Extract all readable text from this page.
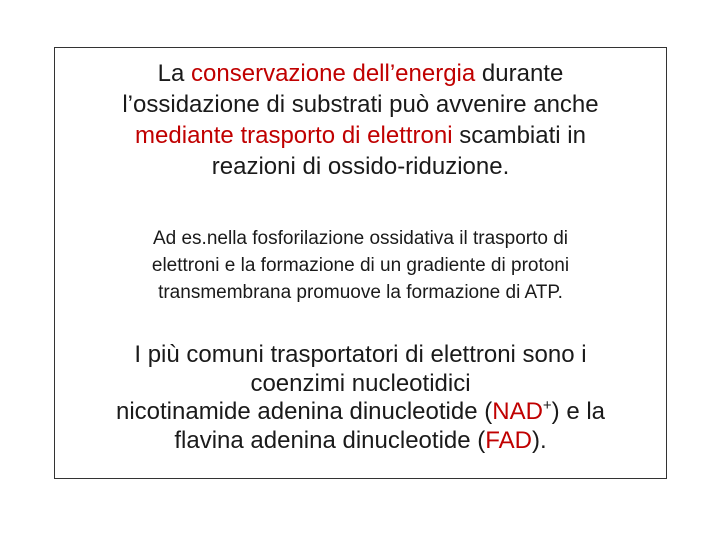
La conservazione dell’energia durante
l’ossidazione di substrati può avvenire anche
mediante trasporto di elettroni scambiati in
reazioni di ossido-riduzione.

Ad es.nella fosforilazione ossidativa il trasporto di
elettroni e la formazione di un gradiente di protoni
transmembrana promuove la formazione di ATP.

I più comuni trasportatori di elettroni sono i
coenzimi nucleotidici
nicotinamide adenina dinucleotide (NAD+) e la
flavina adenina dinucleotide (FAD).
